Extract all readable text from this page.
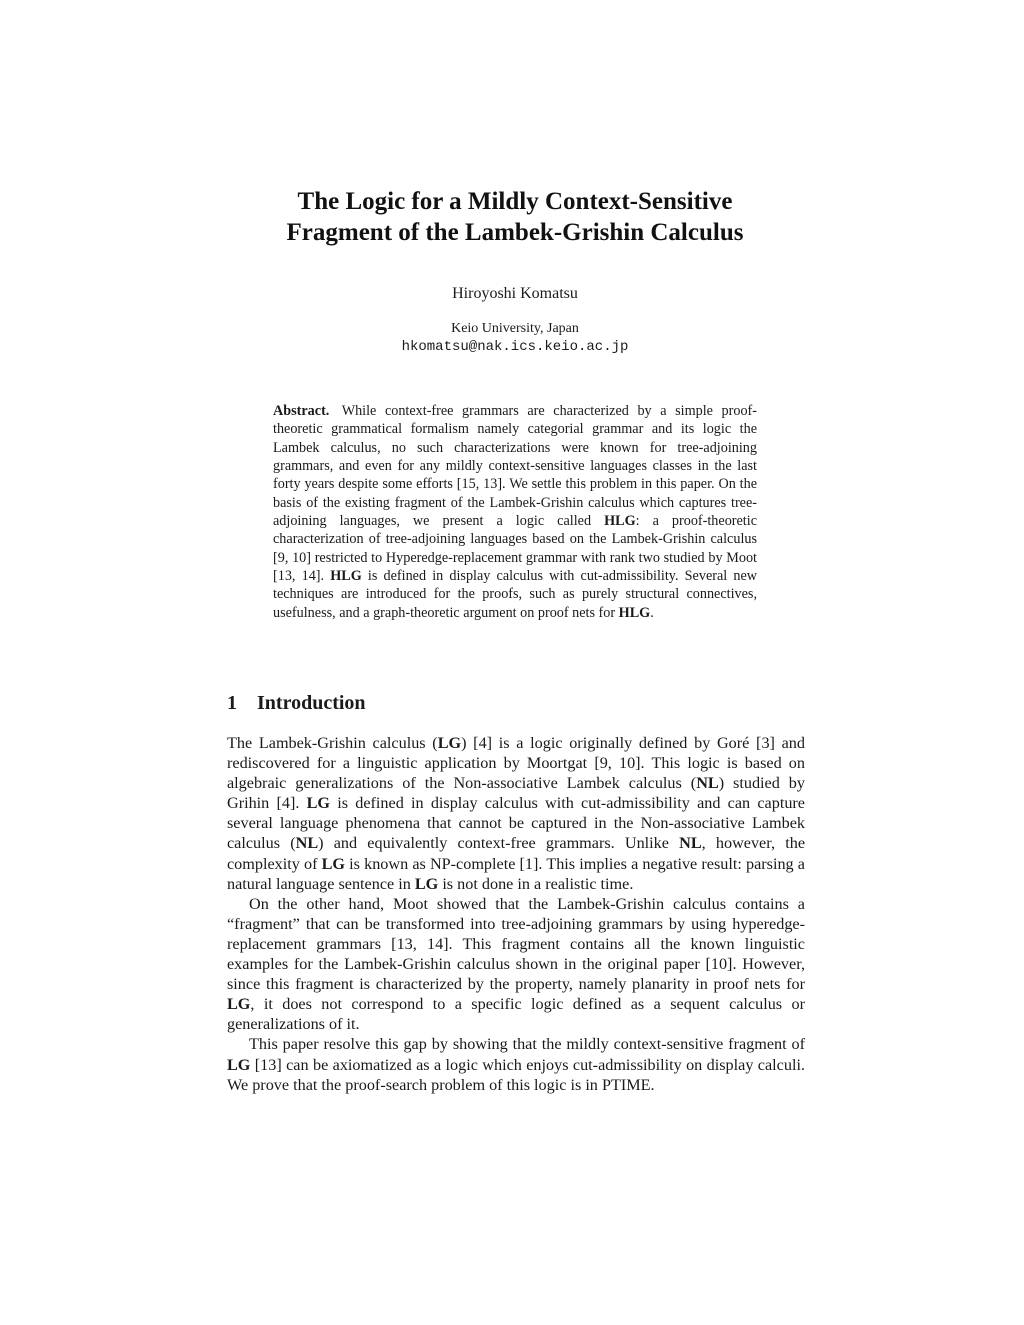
The Logic for a Mildly Context-Sensitive
Fragment of the Lambek-Grishin Calculus
Hiroyoshi Komatsu
Keio University, Japan
hkomatsu@nak.ics.keio.ac.jp
Abstract. While context-free grammars are characterized by a simple proof-theoretic grammatical formalism namely categorial grammar and its logic the Lambek calculus, no such characterizations were known for tree-adjoining grammars, and even for any mildly context-sensitive languages classes in the last forty years despite some efforts [15, 13]. We settle this problem in this paper. On the basis of the existing fragment of the Lambek-Grishin calculus which captures tree-adjoining languages, we present a logic called HLG: a proof-theoretic characterization of tree-adjoining languages based on the Lambek-Grishin calculus [9, 10] restricted to Hyperedge-replacement grammar with rank two studied by Moot [13, 14]. HLG is defined in display calculus with cut-admissibility. Several new techniques are introduced for the proofs, such as purely structural connectives, usefulness, and a graph-theoretic argument on proof nets for HLG.
1 Introduction

The Lambek-Grishin calculus (LG) [4] is a logic originally defined by Goré [3] and rediscovered for a linguistic application by Moortgat [9, 10]. This logic is based on algebraic generalizations of the Non-associative Lambek calculus (NL) studied by Grihin [4]. LG is defined in display calculus with cut-admissibility and can capture several language phenomena that cannot be captured in the Non-associative Lambek calculus (NL) and equivalently context-free grammars. Unlike NL, however, the complexity of LG is known as NP-complete [1]. This implies a negative result: parsing a natural language sentence in LG is not done in a realistic time.

On the other hand, Moot showed that the Lambek-Grishin calculus contains a “fragment” that can be transformed into tree-adjoining grammars by using hyperedge-replacement grammars [13, 14]. This fragment contains all the known linguistic examples for the Lambek-Grishin calculus shown in the original paper [10]. However, since this fragment is characterized by the property, namely planarity in proof nets for LG, it does not correspond to a specific logic defined as a sequent calculus or generalizations of it.

This paper resolve this gap by showing that the mildly context-sensitive fragment of LG [13] can be axiomatized as a logic which enjoys cut-admissibility on display calculi. We prove that the proof-search problem of this logic is in PTIME.
